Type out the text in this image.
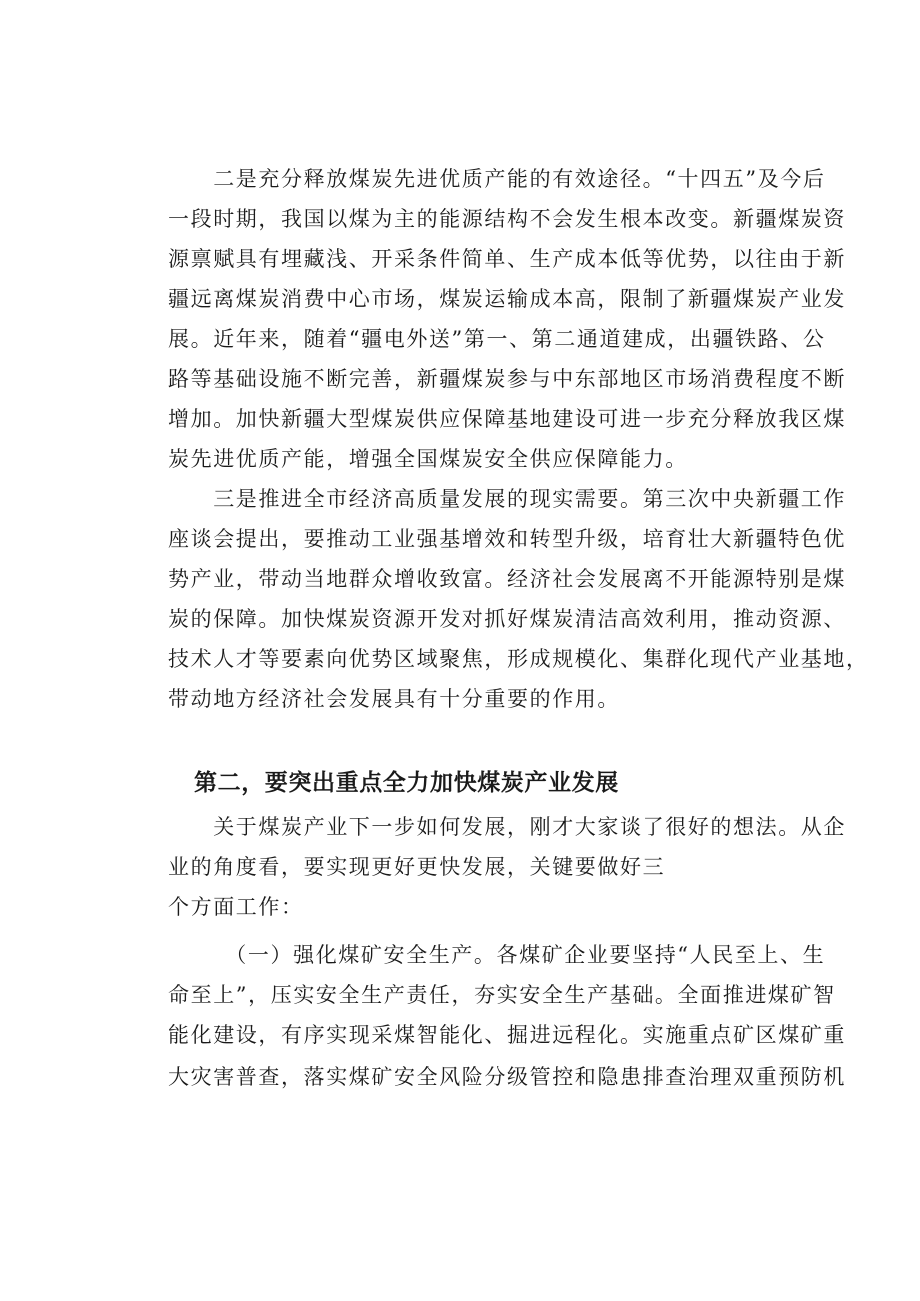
　　二是充分释放煤炭先进优质产能的有效途径。“十四五”及今后
一段时期，我国以煤为主的能源结构不会发生根本改变。新疆煤炭资
源禀赋具有埋藏浅、开采条件简单、生产成本低等优势，以往由于新
疆远离煤炭消费中心市场，煤炭运输成本高，限制了新疆煤炭产业发
展。近年来，随着“疆电外送”第一、第二通道建成，出疆铁路、公
路等基础设施不断完善，新疆煤炭参与中东部地区市场消费程度不断
增加。加快新疆大型煤炭供应保障基地建设可进一步充分释放我区煤
炭先进优质产能，增强全国煤炭安全供应保障能力。
　　三是推进全市经济高质量发展的现实需要。第三次中央新疆工作
座谈会提出，要推动工业强基增效和转型升级，培育壮大新疆特色优
势产业，带动当地群众增收致富。经济社会发展离不开能源特别是煤
炭的保障。加快煤炭资源开发对抓好煤炭清洁高效利用，推动资源、
技术人才等要素向优势区域聚焦，形成规模化、集群化现代产业基地，
带动地方经济社会发展具有十分重要的作用。
第二，要突出重点全力加快煤炭产业发展
　　关于煤炭产业下一步如何发展，刚才大家谈了很好的想法。从企
业的角度看，要实现更好更快发展，关键要做好三
个方面工作：
　　　（一）强化煤矿安全生产。各煤矿企业要坚持“人民至上、生
命至上”，压实安全生产责任，夯实安全生产基础。全面推进煤矿智
能化建设，有序实现采煤智能化、掘进远程化。实施重点矿区煤矿重
大灾害普查，落实煤矿安全风险分级管控和隐患排查治理双重预防机
